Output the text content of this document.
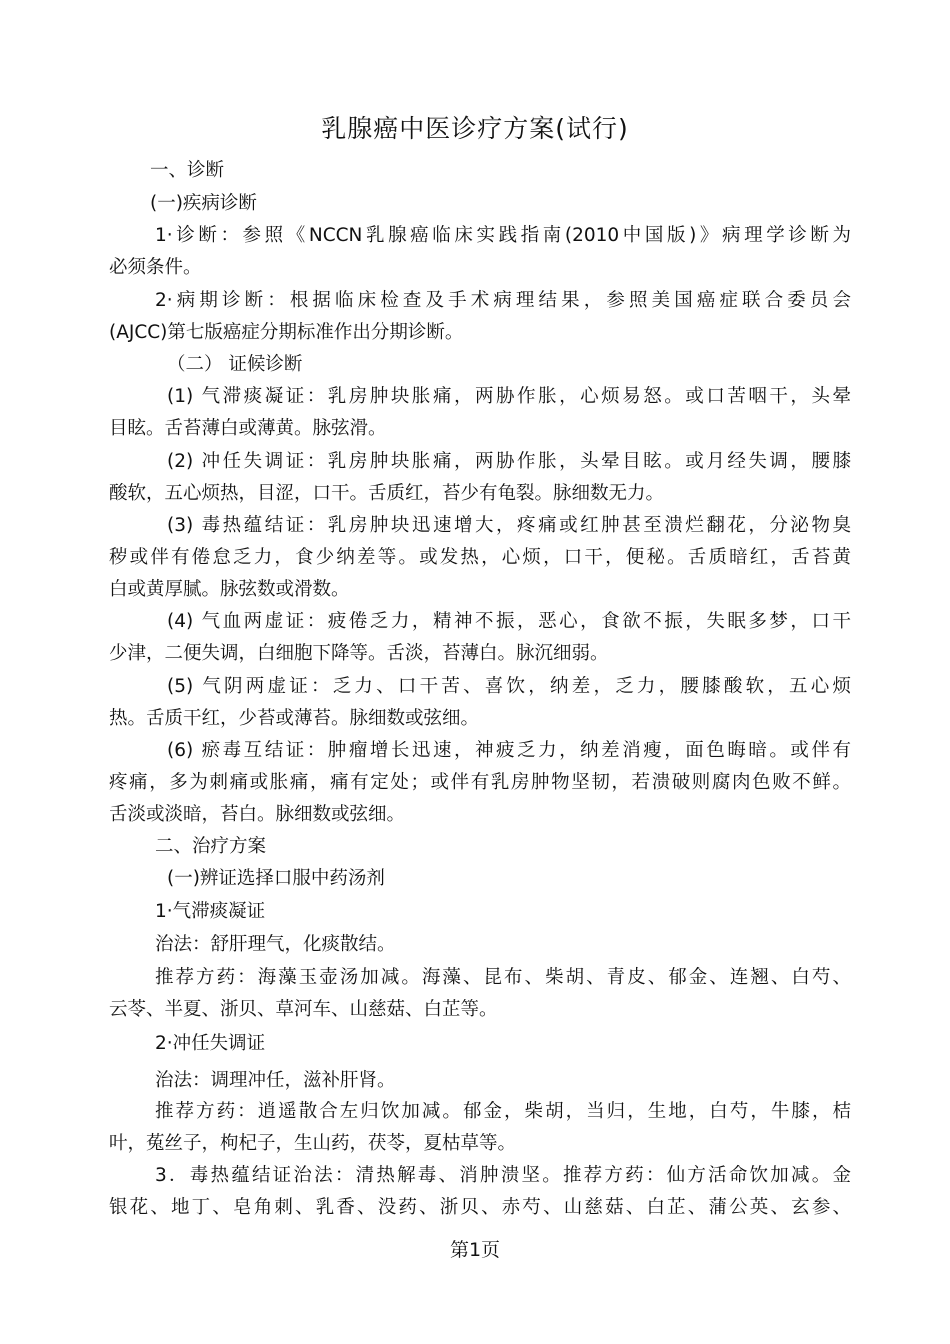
乳腺癌中医诊疗方案(试行)
一、诊断
(一)疾病诊断
1·诊断：参照《NCCN乳腺癌临床实践指南(2010中国版)》病理学诊断为
必须条件。
2·病期诊断：根据临床检查及手术病理结果，参照美国癌症联合委员会
(AJCC)第七版癌症分期标准作出分期诊断。
（二） 证候诊断
(1) 气滞痰凝证：乳房肿块胀痛，两胁作胀，心烦易怒。或口苦咽干，头晕
目眩。舌苔薄白或薄黄。脉弦滑。
(2) 冲任失调证：乳房肿块胀痛，两胁作胀，头晕目眩。或月经失调，腰膝
酸软，五心烦热，目涩，口干。舌质红，苔少有龟裂。脉细数无力。
(3) 毒热蕴结证：乳房肿块迅速增大，疼痛或红肿甚至溃烂翻花，分泌物臭
秽或伴有倦怠乏力，食少纳差等。或发热，心烦，口干，便秘。舌质暗红，舌苔黄
白或黄厚腻。脉弦数或滑数。
(4) 气血两虚证：疲倦乏力，精神不振，恶心，食欲不振，失眠多梦，口干
少津，二便失调，白细胞下降等。舌淡，苔薄白。脉沉细弱。
(5) 气阴两虚证：乏力、口干苦、喜饮，纳差，乏力，腰膝酸软，五心烦
热。舌质干红，少苔或薄苔。脉细数或弦细。
(6) 瘀毒互结证：肿瘤增长迅速，神疲乏力，纳差消瘦，面色晦暗。或伴有
疼痛，多为刺痛或胀痛，痛有定处；或伴有乳房肿物坚韧，若溃破则腐肉色败不鲜。
舌淡或淡暗，苔白。脉细数或弦细。
二、治疗方案
(一)辨证选择口服中药汤剂
1·气滞痰凝证
治法：舒肝理气，化痰散结。
推荐方药：海藻玉壶汤加减。海藻、昆布、柴胡、青皮、郁金、连翘、白芍、
云苓、半夏、浙贝、草河车、山慈菇、白芷等。
2·冲任失调证
治法：调理冲任，滋补肝肾。
推荐方药：逍遥散合左归饮加减。郁金，柴胡，当归，生地，白芍，牛膝，桔
叶，菟丝子，枸杞子，生山药，茯苓，夏枯草等。
3．毒热蕴结证治法：清热解毒、消肿溃坚。推荐方药：仙方活命饮加减。金
银花、地丁、皂角刺、乳香、没药、浙贝、赤芍、山慈菇、白芷、蒲公英、玄参、
第1页
